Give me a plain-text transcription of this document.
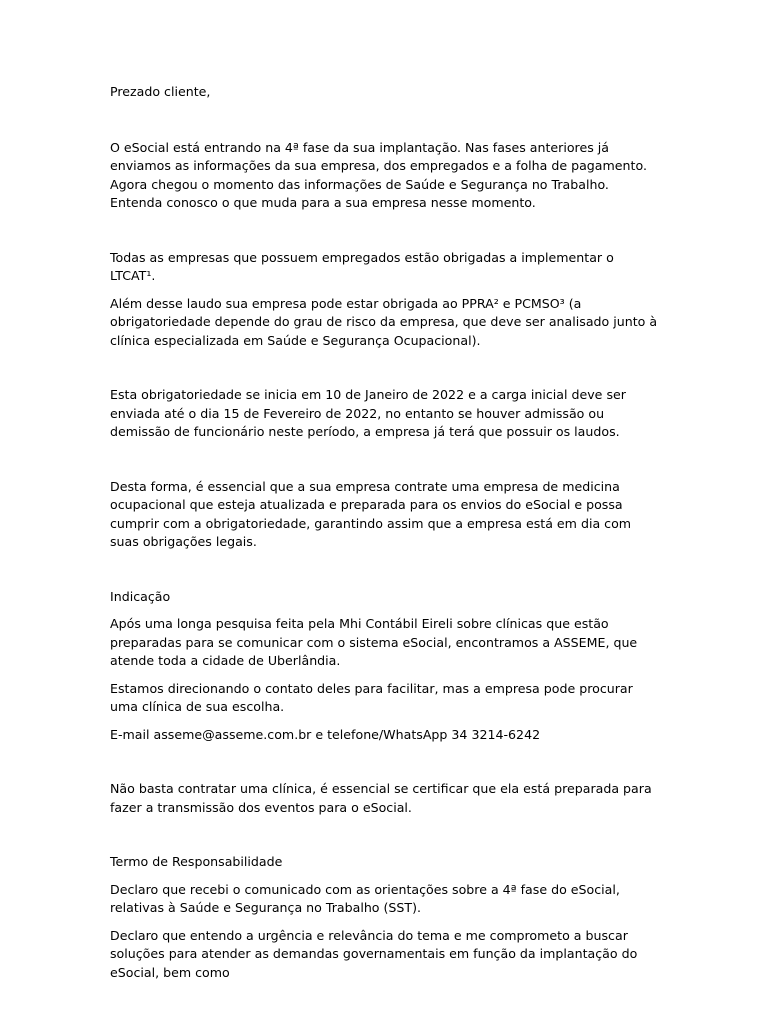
Prezado cliente,

O eSocial está entrando na 4ª fase da sua implantação. Nas fases anteriores já enviamos as informações da sua empresa, dos empregados e a folha de pagamento. Agora chegou o momento das informações de Saúde e Segurança no Trabalho. Entenda conosco o que muda para a sua empresa nesse momento.

Todas as empresas que possuem empregados estão obrigadas a implementar o LTCAT¹.

Além desse laudo sua empresa pode estar obrigada ao PPRA² e PCMSO³ (a obrigatoriedade depende do grau de risco da empresa, que deve ser analisado junto à clínica especializada em Saúde e Segurança Ocupacional).

Esta obrigatoriedade se inicia em 10 de Janeiro de 2022 e a carga inicial deve ser enviada até o dia 15 de Fevereiro de 2022, no entanto se houver admissão ou demissão de funcionário neste período, a empresa já terá que possuir os laudos.

Desta forma, é essencial que a sua empresa contrate uma empresa de medicina ocupacional que esteja atualizada e preparada para os envios do eSocial e possa cumprir com a obrigatoriedade, garantindo assim que a empresa está em dia com suas obrigações legais.

Indicação

Após uma longa pesquisa feita pela Mhi Contábil Eireli sobre clínicas que estão preparadas para se comunicar com o sistema eSocial, encontramos a ASSEME, que atende toda a cidade de Uberlândia.

Estamos direcionando o contato deles para facilitar, mas a empresa pode procurar uma clínica de sua escolha.

E-mail asseme@asseme.com.br e telefone/WhatsApp 34 3214-6242

Não basta contratar uma clínica, é essencial se certificar que ela está preparada para fazer a transmissão dos eventos para o eSocial.

Termo de Responsabilidade

Declaro que recebi o comunicado com as orientações sobre a 4ª fase do eSocial, relativas à Saúde e Segurança no Trabalho (SST).

Declaro que entendo a urgência e relevância do tema e me comprometo a buscar soluções para atender as demandas governamentais em função da implantação do eSocial, bem como
